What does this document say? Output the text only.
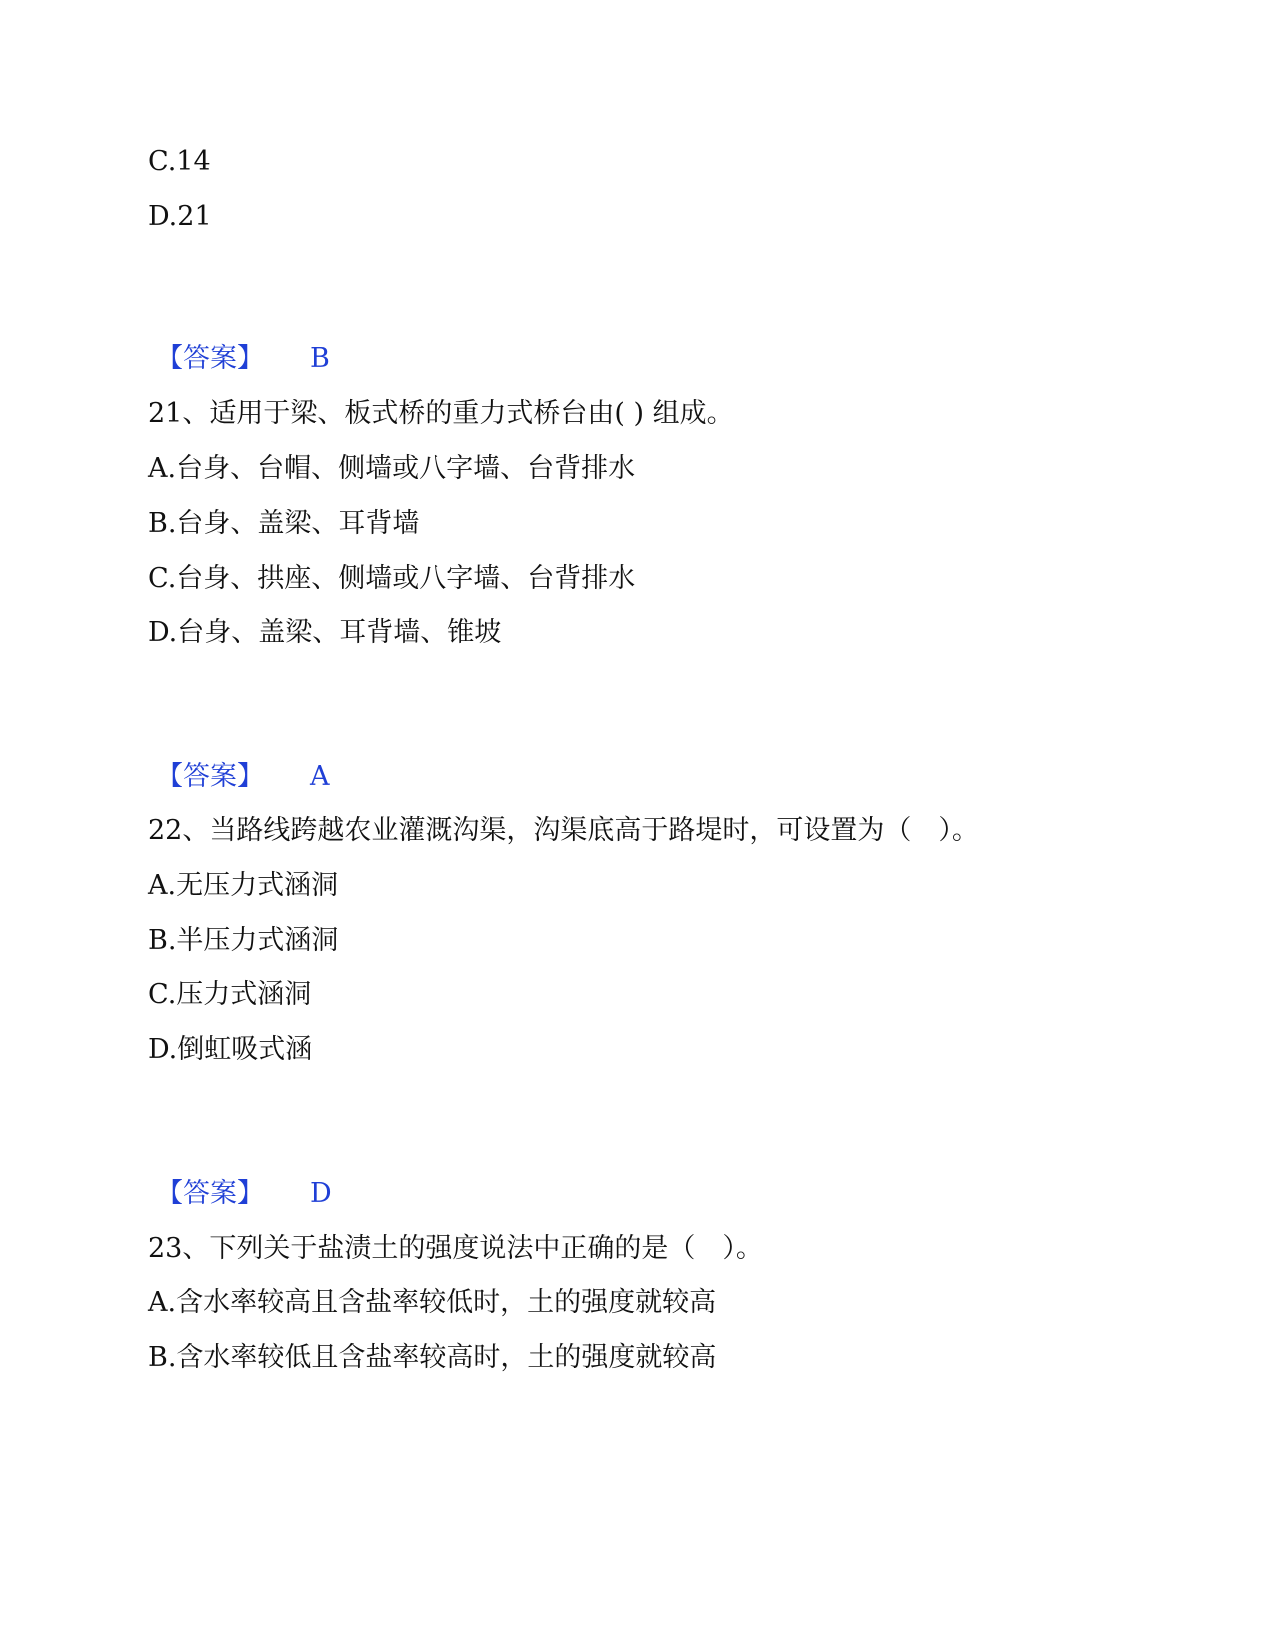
C.14
D.21
【答案】 B
21、适用于梁、板式桥的重力式桥台由( ) 组成。
A.台身、台帽、侧墙或八字墙、台背排水
B.台身、盖梁、耳背墙
C.台身、拱座、侧墙或八字墙、台背排水
D.台身、盖梁、耳背墙、锥坡
【答案】 A
22、当路线跨越农业灌溉沟渠，沟渠底高于路堤时，可设置为（　）。
A.无压力式涵洞
B.半压力式涵洞
C.压力式涵洞
D.倒虹吸式涵
【答案】 D
23、下列关于盐渍土的强度说法中正确的是（　）。
A.含水率较高且含盐率较低时，土的强度就较高
B.含水率较低且含盐率较高时，土的强度就较高
